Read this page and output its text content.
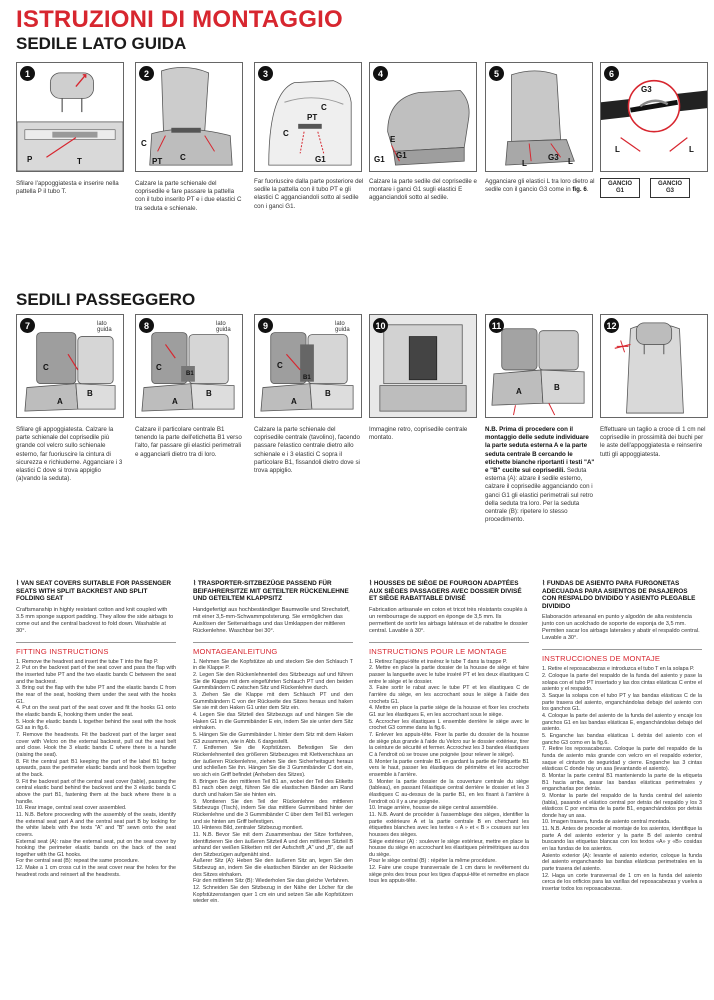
ISTRUZIONI DI MONTAGGIO
SEDILE LATO GUIDA
1
P	T
Sfilare l'appoggiatesta e inserire nella pattella P il tubo T.
2
C
PT C
Calzare la parte schienale del coprisedile e fare passare la pattella con il tubo inserito PT e i due elastici C tra seduta e schienale.
3
C
PT
C
G1
Far fuoriuscire dalla parte posteriore del sedile la pattella con il tubo PT e gli elastici C agganciandoli sotto al sedile con i ganci G1.
4
E
G1 G1
Calzare la parte sedile del coprisedile e montare i ganci G1 sugli elastici E agganciandoli sotto al sedile.
5
L
G3 L
Agganciare gli elastici L tra loro dietro al sedile con il gancio G3 come in fig. 6.
6
G3
L	L
GANCIO
G1
GANCIO
G3
SEDILI PASSEGGERO
7	lato guida
C
B
A
Sfilare gli appoggiatesta. Calzare la parte schienale del coprisedile più grande col velcro sullo schienale esterno, far fuoriuscire la cintura di sicurezza e richiuderne. Agganciare i 3 elastici C dove si trova appiglio (a)vando la seduta).
8	lato guida
C
B1
B
A
Calzare il particolare centrale B1 tenendo la parte dell'etichetta B1 verso l'alto, far passare gli elastici perimetrali e agganciarli dietro tra di loro.
9	lato guida
C
B1
B
A
Calzare la parte schienale del coprisedile centrale (tavolino), facendo passare l'elastico centrale dietro allo schienale e i 3 elastici C sopra il particolare B1, fissandoli dietro dove si trova appiglio.
10
Immagine retro, coprisedile centrale montato.
11
B
A
N.B. Prima di procedere con il montaggio delle sedute individuare la parte seduta esterna A e la parte seduta centrale B cercando le etichette bianche riportanti i testi "A" e "B" cucite sui coprisedili. Seduta esterna (A): alzare il sedile esterno, calzare il coprisedile agganciando con i ganci G1 gli elastici perimetrali sul retro della seduta tra loro. Per la seduta centrale (B): ripetere lo stesso procedimento.
12
Effettuare un taglio a croce di 1 cm nel coprisedile in prossimità dei buchi per le aste dell'appoggiatesta e reinserire tutti gli appoggiatesta.
⌇ VAN SEAT COVERS SUITABLE FOR PASSENGER SEATS WITH SPLIT BACKREST AND SPLIT FOLDING SEAT
Craftsmanship in highly resistant cotton and knit coupled with 3.5 mm sponge support padding. They allow the side airbags to come out and the central backrest to fold down. Washable at 30°.
FITTING INSTRUCTIONS

1. Remove the headrest and insert the tube T into the flap P.

2. Put on the backrest part of the seat cover and pass the flap with the inserted tube PT and the two elastic bands C between the seat and the backrest.

3. Bring out the flap with the tube PT and the elastic bands C from the rear of the seat, hooking them under the seat with the hooks G1.

4. Put on the seat part of the seat cover and fit the hooks G1 onto the elastic bands E, hooking them under the seat.

5. Hook the elastic bands L together behind the seat with the hook G3 as in fig.6.

7. Remove the headrests. Fit the backrest part of the larger seat cover with Velcro on the external backrest, pull out the seat belt and close. Hook the 3 elastic bands C where there is a handle (raising the seat).

8. Fit the central part B1 keeping the part of the label B1 facing upwards, pass the perimeter elastic bands and hook them together at the back.

9. Fit the backrest part of the central seat cover (table), passing the central elastic band behind the backrest and the 3 elastic bands C above the part B1, fastening them at the back where there is a handle.

10. Rear image, central seat cover assembled.

11. N.B. Before proceeding with the assembly of the seats, identify the external seat part A and the central seat part B by looking for the white labels with the texts "A" and "B" sewn onto the seat covers.

External seat (A): raise the external seat, put on the seat cover by hooking the perimeter elastic bands on the back of the seat together with the G1 hooks.

For the central seat (B): repeat the same procedure.

12. Make a 1 cm cross cut in the seat cover near the holes for the headrest rods and reinsert all the headrests.

⌇ TRASPORTER-SITZBEZÜGE PASSEND FÜR BEIFAHRERSITZE MIT GETEILTER RÜCKENLEHNE UND GETEILTEM KLAPPSITZ
Handgefertigt aus hochbeständiger Baumwolle und Strechstoff, mit einer 3,5-mm-Schwammpolsterung. Sie ermöglichen das Auslösen der Seitenairbags und das Umklappen der mittleren Rückenlehne. Waschbar bei 30°.
MONTAGEANLEITUNG

1. Nehmen Sie die Kopfstütze ab und stecken Sie den Schlauch T in die Klappe P.

2. Legen Sie den Rückenlehnenteil des Sitzbezugs auf und führen Sie die Klappe mit dem eingeführten Schlauch PT und den beiden Gummibändern C zwischen Sitz und Rückenlehne durch.

3. Ziehen Sie die Klappe mit dem Schlauch PT und den Gummibändern C von der Rückseite des Sitzes heraus und haken Sie sie mit den Haken G1 unter dem Sitz ein.

4. Legen Sie das Sitzteil des Sitzbezugs auf und hängen Sie die Haken G1 in die Gummibänder E ein, indem Sie sie unter dem Sitz einhaken.

5. Hängen Sie die Gummibänder L hinter dem Sitz mit dem Haken G3 zusammen, wie in Abb. 6 dargestellt.

7. Entfernen Sie die Kopfstützen. Befestigen Sie den Rückenlehnenteil des größeren Sitzbezuges mit Klettverschluss an der äußeren Rückenlehne, ziehen Sie den Sicherheitsgurt heraus und schließen Sie ihn. Hängen Sie die 3 Gummibänder C dort ein, wo sich ein Griff befindet (Anheben des Sitzes).

8. Bringen Sie den mittleren Teil B1 an, wobei der Teil des Etiketts B1 nach oben zeigt, führen Sie die elastischen Bänder am Rand durch und haken Sie sie hinten ein.

9. Montieren Sie den Teil der Rückenlehne des mittleren Sitzbezugs (Tisch), indem Sie das mittlere Gummiband hinter der Rückenlehne und die 3 Gummibänder C über dem Teil B1 verlegen und sie hinten am Griff befestigen.

10. Hinteres Bild, zentraler Sitzbezug montiert.

11. N.B. Bevor Sie mit dem Zusammenbau der Sitze fortfahren, identifizieren Sie den äußeren Sitzteil A und den mittleren Sitzteil B anhand der weißen Etiketten mit der Aufschrift „A" und „B", die auf den Sitzbezügen aufgenäht sind.

Äußerer Sitz (A): Heben Sie den äußeren Sitz an, legen Sie den Sitzbezug an, indem Sie die elastischen Bänder an der Rückseite des Sitzes einhaken.

Für den mittleren Sitz (B): Wiederholen Sie das gleiche Verfahren.

12. Schneiden Sie den Sitzbezug in der Nähe der Löcher für die Kopfstützenstangen quer 1 cm ein und setzen Sie alle Kopfstützen wieder ein.

⌇ HOUSSES DE SIÈGE DE FOURGON ADAPTÉES AUX SIÈGES PASSAGERS AVEC DOSSIER DIVISÉ ET SIÈGE RABATTABLE DIVISÉ
Fabrication artisanale en coton et tricot très résistants couplés à un rembourrage de support en éponge de 3,5 mm. Ils permettent de sortir les airbags latéraux et de rabattre le dossier central. Lavable à 30°.
INSTRUCTIONS POUR LE MONTAGE

1. Retirez l'appui-tête et insérez le tube T dans la trappe P.

2. Mettre en place la partie dossier de la housse de siège et faire passer la languette avec le tube inséré PT et les deux élastiques C entre le siège et le dossier.

3. Faire sortir le rabat avec le tube PT et les élastiques C de l'arrière du siège, en les accrochant sous le siège à l'aide des crochets G1.

4. Mettre en place la partie siège de la housse et fixer les crochets G1 sur les élastiques E, en les accrochant sous le siège.

5. Accrocher les élastiques L ensemble derrière le siège avec le crochet G3 comme dans la fig.6.

7. Enlever les appuis-tête. Fixer la partie du dossier de la housse de siège plus grande à l'aide du Velcro sur le dossier extérieur, tirer la ceinture de sécurité et fermer. Accrochez les 3 bandes élastiques C à l'endroit où se trouve une poignée (pour relever le siège).

8. Monter la partie centrale B1 en gardant la partie de l'étiquette B1 vers le haut, passer les élastiques de périmètre et les accrocher ensemble à l'arrière.

9. Monter la partie dossier de la couverture centrale du siège (tableau), en passant l'élastique central derrière le dossier et les 3 élastiques C au-dessus de la partie B1, en les fixant à l'arrière à l'endroit où il y a une poignée.

10. Image arrière, housse de siège central assemblée.

11. N.B. Avant de procéder à l'assemblage des sièges, identifier la partie extérieure A et la partie centrale B en cherchant les étiquettes blanches avec les textes « A » et « B » cousues sur les housses des sièges.

Siège extérieur (A) : soulever le siège extérieur, mettre en place la housse du siège en accrochant les élastiques périmétriques au dos du siège.

Pour le siège central (B) : répéter la même procédure.

12. Faire une coupe transversale de 1 cm dans le revêtement du siège près des trous pour les tiges d'appui-tête et remettre en place tous les appuis-tête.

⌇ FUNDAS DE ASIENTO PARA FURGONETAS ADECUADAS PARA ASIENTOS DE PASAJEROS CON RESPALDO DIVIDIDO Y ASIENTO PLEGABLE DIVIDIDO
Elaboración artesanal en punto y algodón de alta resistencia junto con un acolchado de soporte de esponja de 3,5 mm. Permiten sacar los airbags laterales y abatir el respaldo central. Lavable a 30°.
INSTRUCCIONES DE MONTAJE

1. Retire el reposacabezas e introduzca el tubo T en la solapa P.

2. Coloque la parte del respaldo de la funda del asiento y pase la solapa con el tubo PT insertado y las dos cintas elásticas C entre el asiento y el respaldo.

3. Saque la solapa con el tubo PT y las bandas elásticas C de la parte trasera del asiento, enganchándolas debajo del asiento con los ganchos G1.

4. Coloque la parte del asiento de la funda del asiento y encaje los ganchos G1 en las bandas elásticas E, enganchándolas debajo del asiento.

5. Enganche las bandas elásticas L detrás del asiento con el gancho G3 como en la fig.6.

7. Retire los reposacabezas. Coloque la parte del respaldo de la funda de asiento más grande con velcro en el respaldo exterior, saque el cinturón de seguridad y cierre. Enganche las 3 cintas elásticas C donde hay un asa (levantando el asiento).

8. Montar la parte central B1 manteniendo la parte de la etiqueta B1 hacia arriba, pasar las bandas elásticas perimetrales y engancharlas por detrás.

9. Montar la parte del respaldo de la funda central del asiento (tabla), pasando el elástico central por detrás del respaldo y los 3 elásticos C por encima de la parte B1, enganchándolos por detrás donde hay un asa.

10. Imagen trasera, funda de asiento central montada.

11. N.B. Antes de proceder al montaje de los asientos, identifique la parte A del asiento exterior y la parte B del asiento central buscando las etiquetas blancas con los textos «A» y «B» cosidas en las fundas de los asientos.

Asiento exterior (A): levante el asiento exterior, coloque la funda del asiento enganchando las bandas elásticas perimetrales en la parte trasera del asiento.

12. Haga un corte transversal de 1 cm en la funda del asiento cerca de los orificios para las varillas del reposacabezas y vuelva a insertar todos los reposacabezas.
